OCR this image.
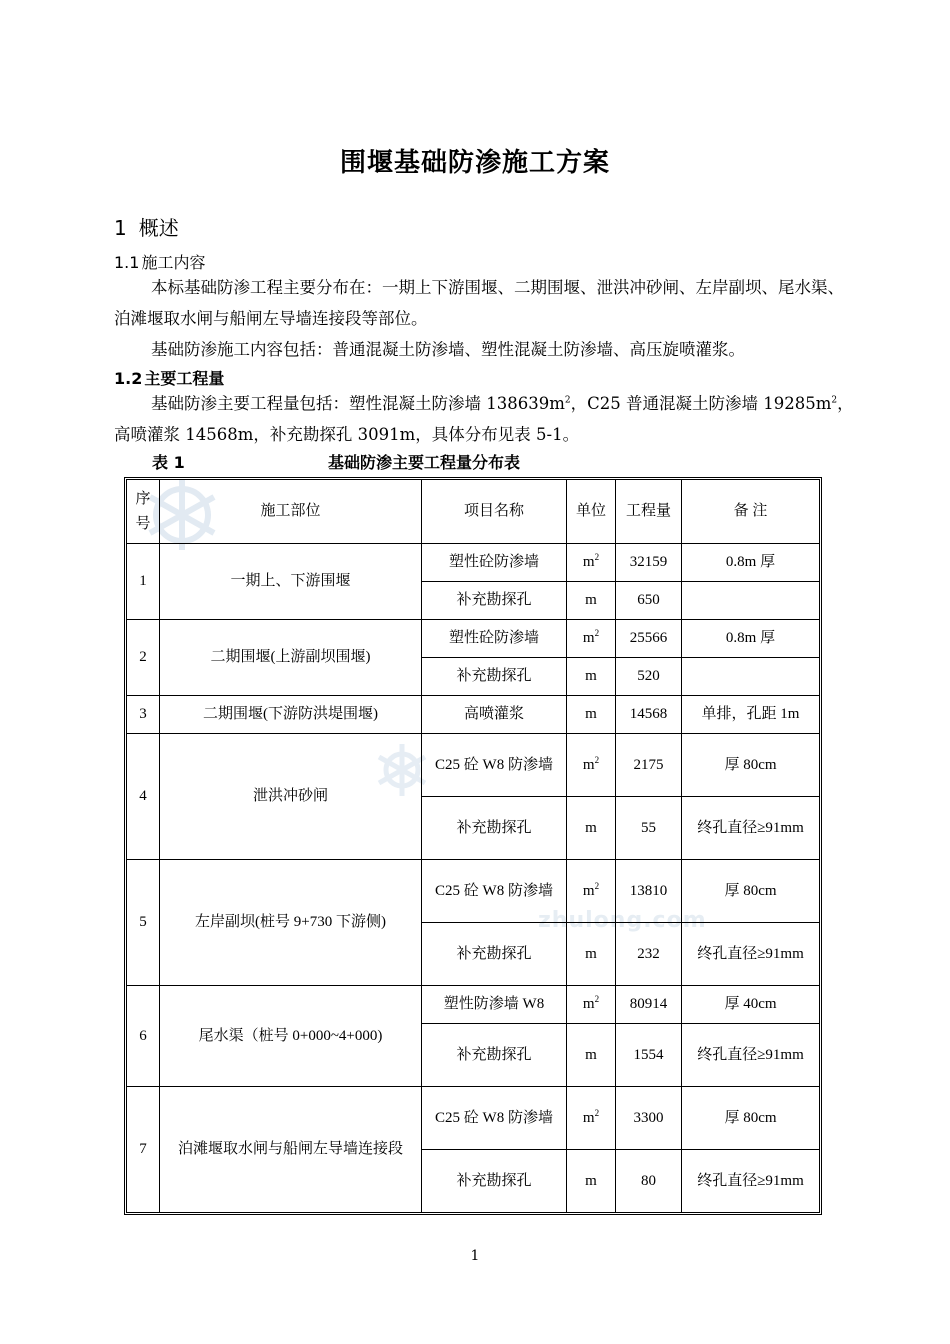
zhulong.com
围堰基础防渗施工方案
1 概述
1.1 施工内容
本标基础防渗工程主要分布在：一期上下游围堰、二期围堰、泄洪冲砂闸、左岸副坝、尾水渠、泊滩堰取水闸与船闸左导墙连接段等部位。
基础防渗施工内容包括：普通混凝土防渗墙、塑性混凝土防渗墙、高压旋喷灌浆。
1.2 主要工程量
基础防渗主要工程量包括：塑性混凝土防渗墙 $138639m^2$，C25 普通混凝土防渗墙 $19285m^2$，高喷灌浆 14568m，补充勘探孔 3091m，具体分布见表 5-1。
表 1	基础防渗主要工程量分布表
序号	施工部位	项目名称	单位	工程量	备 注
1	一期上、下游围堰	塑性砼防渗墙	$m^2$	32159	0.8m 厚
		补充勘探孔	m	650	
2	二期围堰(上游副坝围堰)	塑性砼防渗墙	$m^2$	25566	0.8m 厚
		补充勘探孔	m	520	
3	二期围堰(下游防洪堤围堰)	高喷灌浆	m	14568	单排，孔距 1m
4	泄洪冲砂闸	C25 砼 W8 防渗墙	$m^2$	2175	厚 80cm
		补充勘探孔	m	55	终孔直径≥91mm
5	左岸副坝(桩号 9+730 下游侧)	C25 砼 W8 防渗墙	$m^2$	13810	厚 80cm
		补充勘探孔	m	232	终孔直径≥91mm
6	尾水渠（桩号 0+000~4+000)	塑性防渗墙 W8	$m^2$	80914	厚 40cm
		补充勘探孔	m	1554	终孔直径≥91mm
7	泊滩堰取水闸与船闸左导墙连接段	C25 砼 W8 防渗墙	$m^2$	3300	厚 80cm
		补充勘探孔	m	80	终孔直径≥91mm
1
